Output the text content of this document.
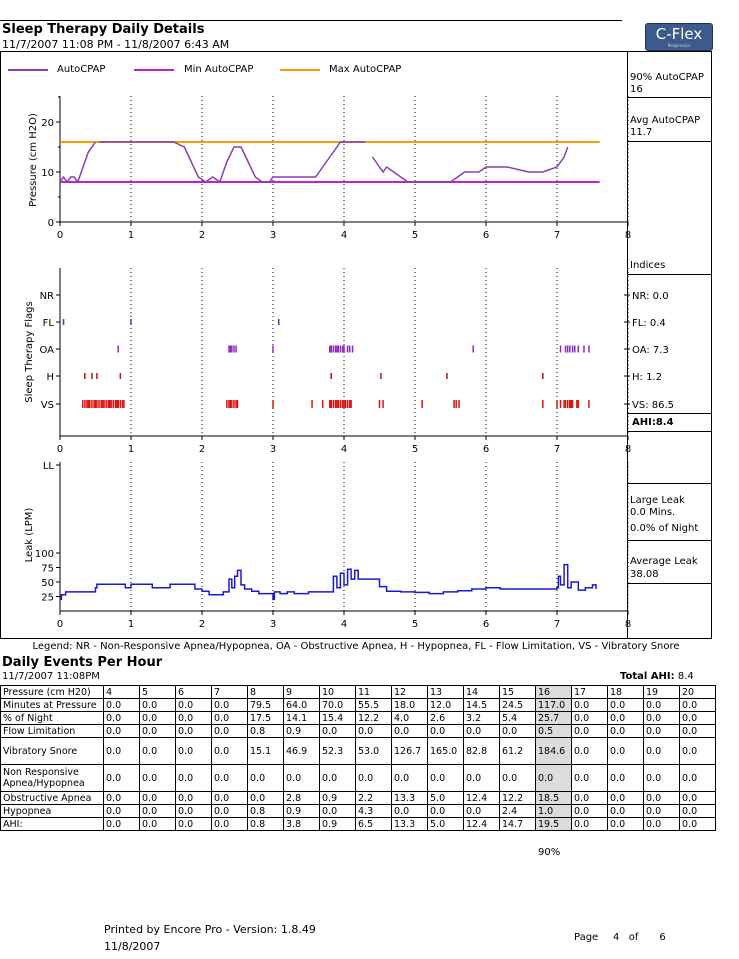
Sleep Therapy Daily Details
11/7/2007 11:08 PM - 11/8/2007 6:43 AM
C-Flex
Respironics
AutoCPAP	Min AutoCPAP	Max AutoCPAP
90% AutoCPAP
16
Avg AutoCPAP
11.7
Indices
AHI:8.4
Large Leak
0.0 Mins.
0.0% of Night
Average Leak
38.08
0
10
20
Pressure (cm H2O)
0	1	2	3	4	5	6	7	8
NR	NR: 0.0
FL	FL: 0.4
OA	OA: 7.3
H	H: 1.2
VS	VS: 86.5
Sleep Therapy Flags
0	1	2	3	4	5	6	7	8
25
50
75
100
LL
Leak (LPM)
0	1	2	3	4	5	6	7	8
Legend: NR - Non-Responsive Apnea/Hypopnea, OA - Obstructive Apnea, H - Hypopnea, FL - Flow Limitation, VS - Vibratory Snore
Daily Events Per Hour
11/7/2007 11:08PM	Total AHI: 8.4
Pressure (cm H20)	4	5	6	7	8	9	10	11	12	13	14	15	16	17	18	19	20
Minutes at Pressure	0.0	0.0	0.0	0.0	79.5	64.0	70.0	55.5	18.0	12.0	14.5	24.5	117.0	0.0	0.0	0.0	0.0
% of Night	0.0	0.0	0.0	0.0	17.5	14.1	15.4	12.2	4.0	2.6	3.2	5.4	25.7	0.0	0.0	0.0	0.0
Flow Limitation	0.0	0.0	0.0	0.0	0.8	0.9	0.0	0.0	0.0	0.0	0.0	0.0	0.5	0.0	0.0	0.0	0.0
Vibratory Snore	0.0	0.0	0.0	0.0	15.1	46.9	52.3	53.0	126.7	165.0	82.8	61.2	184.6	0.0	0.0	0.0	0.0
Non Responsive Apnea/Hypopnea	0.0	0.0	0.0	0.0	0.0	0.0	0.0	0.0	0.0	0.0	0.0	0.0	0.0	0.0	0.0	0.0	0.0
Obstructive Apnea	0.0	0.0	0.0	0.0	0.0	2.8	0.9	2.2	13.3	5.0	12.4	12.2	18.5	0.0	0.0	0.0	0.0
Hypopnea	0.0	0.0	0.0	0.0	0.8	0.9	0.0	4.3	0.0	0.0	0.0	2.4	1.0	0.0	0.0	0.0	0.0
AHI:	0.0	0.0	0.0	0.0	0.8	3.8	0.9	6.5	13.3	5.0	12.4	14.7	19.5	0.0	0.0	0.0	0.0
90%
Printed by Encore Pro - Version: 1.8.49
11/8/2007
Page 4 of 6
